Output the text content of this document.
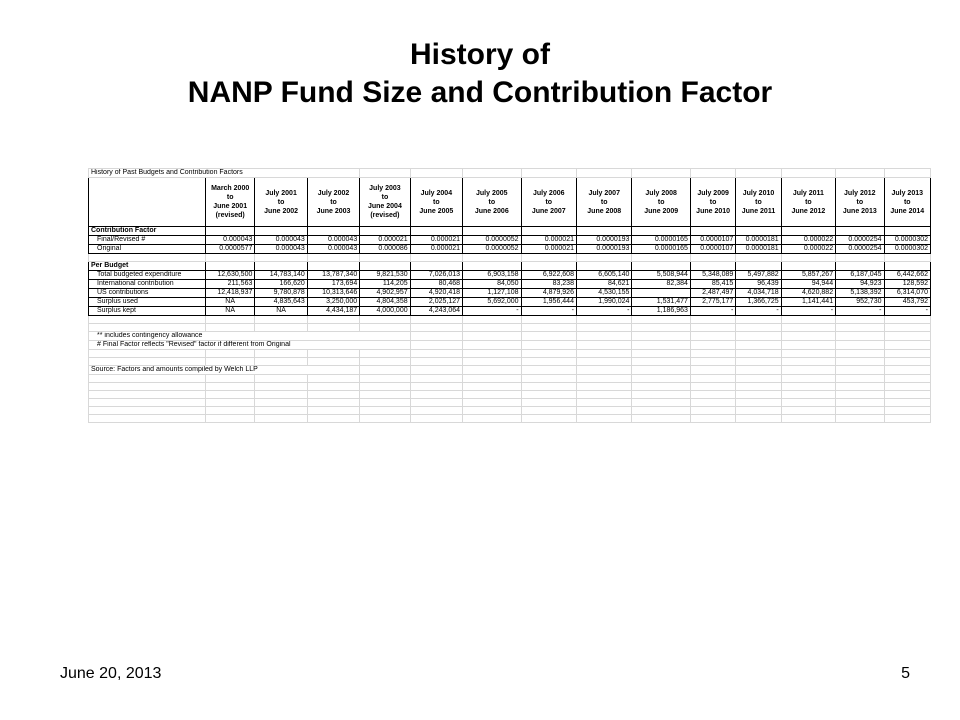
History of
NANP Fund Size and Contribution Factor
History of Past Budgets and Contribution Factors														

	March 2000
to
June 2001
(revised)	July 2001
to
June 2002	July 2002
to
June 2003	July 2003
to
June 2004
(revised)	July 2004
to
June 2005	July 2005
to
June 2006	July 2006
to
June 2007	July 2007
to
June 2008	July 2008
to
June 2009	July 2009
to
June 2010	July 2010
to
June 2011	July 2011
to
June 2012	July 2012
to
June 2013	July 2013
to
June 2014

Contribution Factor														
Final/Revised #	0.000043	0.000043	0.000043	0.000021	0.000021	0.0000052	0.000021	0.0000193	0.0000165	0.0000107	0.0000181	0.000022	0.0000254	0.0000302
Original	0.0000577	0.000043	0.000043	0.000086	0.000021	0.0000052	0.000021	0.0000193	0.0000165	0.0000107	0.0000181	0.000022	0.0000254	0.0000302

Per Budget														
Total budgeted expenditure	12,630,500	14,783,140	13,787,340	9,821,530	7,026,013	6,903,158	6,922,608	6,605,140	5,508,944	5,348,089	5,497,882	5,857,267	6,187,045	6,442,662
International contribution	211,563	166,620	173,694	114,205	80,468	84,050	83,238	84,621	82,384	85,415	96,439	94,944	94,923	128,592
US contributions	12,418,937	9,780,878	10,313,646	4,902,957	4,920,418	1,127,108	4,879,926	4,530,155		2,487,497	4,034,718	4,620,882	5,138,392	6,314,070
Surplus used	NA	4,835,643	3,250,000	4,804,358	2,025,127	5,692,000	1,956,444	1,990,024	1,531,477	2,775,177	1,366,725	1,141,441	952,730	453,792
Surplus kept	NA	NA	4,434,187	4,000,000	4,243,064	-	-	-	1,186,963	-	-	-	-	-

** includes contingency allowance														
# Final Factor reflects "Revised" factor if different from Original														

Source: Factors and amounts compiled by Welch LLP														

June 20, 2013	5
